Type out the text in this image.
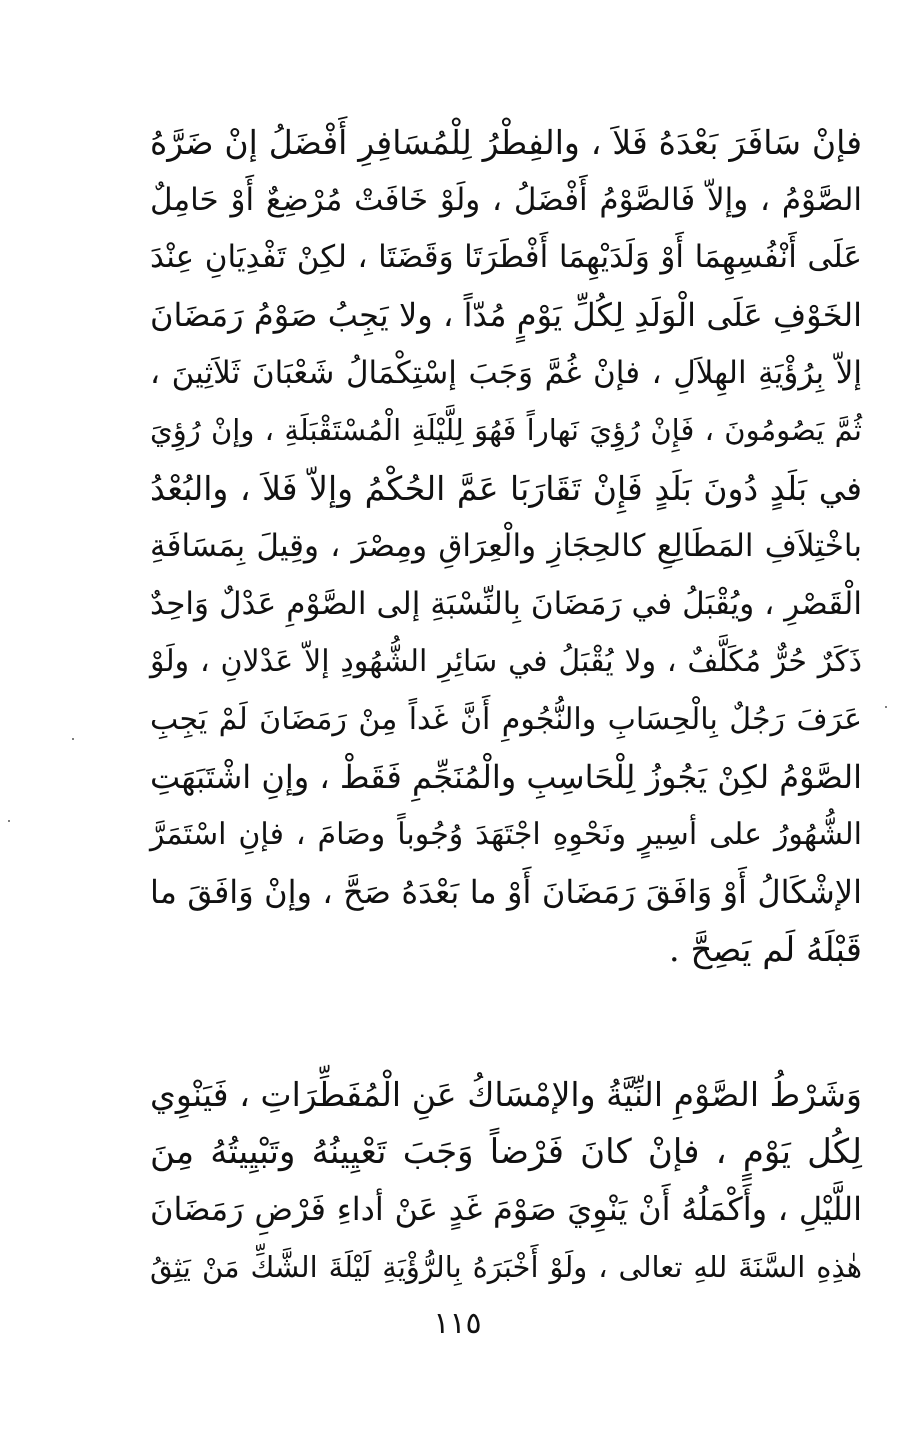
فإنْ سَافَرَ بَعْدَهُ فَلاَ ، والفِطْرُ لِلْمُسَافِرِ أَفْضَلُ إنْ ضَرَّهُ
الصَّوْمُ ، وإلاّ فَالصَّوْمُ أَفْضَلُ ، ولَوْ خَافَتْ مُرْضِعٌ أَوْ حَامِلٌ
عَلَى أَنْفُسِهِمَا أَوْ وَلَدَيْهِمَا أَفْطَرَتَا وَقَضَتَا ، لكِنْ تَفْدِيَانِ عِنْدَ
الخَوْفِ عَلَى الْوَلَدِ لِكُلِّ يَوْمٍ مُدّاً ، ولا يَجِبُ صَوْمُ رَمَضَانَ
إلاّ بِرُؤْيَةِ الهِلاَلِ ، فإنْ غُمَّ وَجَبَ إسْتِكْمَالُ شَعْبَانَ ثَلاَثِينَ ،
ثُمَّ يَصُومُونَ ، فَإِنْ رُؤِيَ نَهاراً فَهُوَ لِلَّيْلَةِ الْمُسْتَقْبَلَةِ ، وإنْ رُؤِيَ
في بَلَدٍ دُونَ بَلَدٍ فَإِنْ تَقَارَبَا عَمَّ الحُكْمُ وإلاّ فَلاَ ، والبُعْدُ
باخْتِلاَفِ المَطَالِعِ كالحِجَازِ والْعِرَاقِ ومِصْرَ ، وقِيلَ بِمَسَافَةِ
الْقَصْرِ ، ويُقْبَلُ في رَمَضَانَ بِالنِّسْبَةِ إلى الصَّوْمِ عَدْلٌ وَاحِدٌ
ذَكَرٌ حُرٌّ مُكَلَّفٌ ، ولا يُقْبَلُ في سَائِرِ الشُّهُودِ إلاّ عَدْلانِ ، ولَوْ
عَرَفَ رَجُلٌ بِالْحِسَابِ والنُّجُومِ أَنَّ غَداً مِنْ رَمَضَانَ لَمْ يَجِبِ
الصَّوْمُ لكِنْ يَجُوزُ لِلْحَاسِبِ والْمُنَجِّمِ فَقَطْ ، وإنِ اشْتَبَهَتِ
الشُّهُورُ على أسِيرٍ ونَحْوِهِ اجْتَهَدَ وُجُوباً وصَامَ ، فإنِ اسْتَمَرَّ
الإشْكَالُ أَوْ وَافَقَ رَمَضَانَ أَوْ ما بَعْدَهُ صَحَّ ، وإنْ وَافَقَ ما
قَبْلَهُ لَم يَصِحَّ .
وَشَرْطُ الصَّوْمِ النِّيَّةُ والإمْسَاكُ عَنِ الْمُفَطِّرَاتِ ، فَيَنْوِي
لِكُل يَوْمٍ ، فإنْ كانَ فَرْضاً وَجَبَ تَعْيِينُهُ وتَبْيِيتُهُ مِنَ
اللَّيْلِ ، وأَكْمَلُهُ أَنْ يَنْوِيَ صَوْمَ غَدٍ عَنْ أداءِ فَرْضِ رَمَضَانَ
هٰذِهِ السَّنَةَ للهِ تعالى ، ولَوْ أَخْبَرَهُ بِالرُّؤْيَةِ لَيْلَةَ الشَّكِّ مَنْ يَثِقُ
١١٥
